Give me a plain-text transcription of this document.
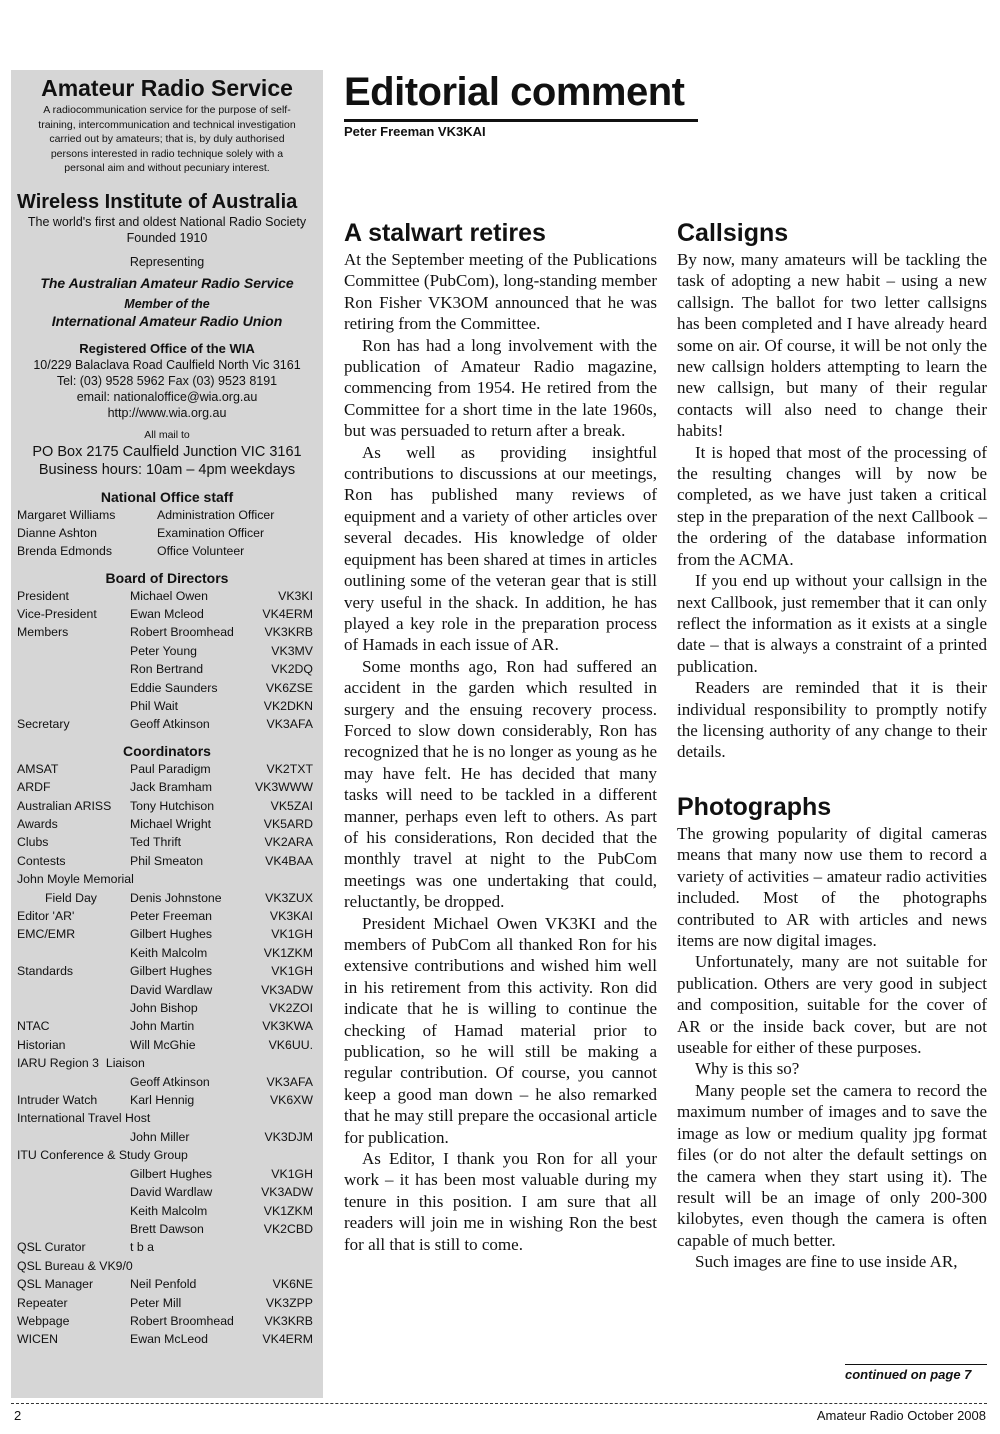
Amateur Radio Service
A radiocommunication service for the purpose of self-training, intercommunication and technical investigation carried out by amateurs; that is, by duly authorised persons interested in radio technique solely with a personal aim and without pecuniary interest.
Wireless Institute of Australia
The world's first and oldest National Radio Society
Founded 1910
Representing
The Australian Amateur Radio Service
Member of the
International Amateur Radio Union
Registered Office of the WIA
10/229 Balaclava Road Caulfield North Vic 3161
Tel: (03) 9528 5962 Fax (03) 9523 8191
email: nationaloffice@wia.org.au
http://www.wia.org.au
All mail to
PO Box 2175 Caulfield Junction VIC 3161
Business hours: 10am – 4pm weekdays
National Office staff
Margaret Williams	Administration Officer
Dianne Ashton	Examination Officer
Brenda Edmonds	Office Volunteer
Board of Directors
President	Michael Owen	VK3KI
Vice-President	Ewan Mcleod	VK4ERM
Members	Robert Broomhead	VK3KRB
Peter Young	VK3MV
Ron Bertrand	VK2DQ
Eddie Saunders	VK6ZSE
Phil Wait	VK2DKN
Secretary	Geoff Atkinson	VK3AFA
Coordinators
AMSAT	Paul Paradigm	VK2TXT
ARDF	Jack Bramham	VK3WWW
Australian ARISS	Tony Hutchison	VK5ZAI
Awards	Michael Wright	VK5ARD
Clubs	Ted Thrift	VK2ARA
Contests	Phil Smeaton	VK4BAA
John Moyle Memorial
Field Day	Denis Johnstone	VK3ZUX
Editor 'AR'	Peter Freeman	VK3KAI
EMC/EMR	Gilbert Hughes	VK1GH
Keith Malcolm	VK1ZKM
Standards	Gilbert Hughes	VK1GH
David Wardlaw	VK3ADW
John Bishop	VK2ZOI
NTAC	John Martin	VK3KWA
Historian	Will McGhie	VK6UU.
IARU Region 3  Liaison
Geoff Atkinson	VK3AFA
Intruder Watch	Karl Hennig	VK6XW
International Travel Host
John Miller	VK3DJM
ITU Conference & Study Group
Gilbert Hughes	VK1GH
David Wardlaw	VK3ADW
Keith Malcolm	VK1ZKM
Brett Dawson	VK2CBD
QSL Curator	t b a
QSL Bureau & VK9/0
QSL Manager	Neil Penfold	VK6NE
Repeater	Peter Mill	VK3ZPP
Webpage	Robert Broomhead	VK3KRB
WICEN	Ewan McLeod	VK4ERM
Editorial comment
Peter Freeman VK3KAI
A stalwart retires

At the September meeting of the Publications Committee (PubCom), long-standing member Ron Fisher VK3OM announced that he was retiring from the Committee.

Ron has had a long involvement with the publication of Amateur Radio magazine, commencing from 1954. He retired from the Committee for a short time in the late 1960s, but was persuaded to return after a break.

As well as providing insightful contributions to discussions at our meetings, Ron has published many reviews of equipment and a variety of other articles over several decades. His knowledge of older equipment has been shared at times in articles outlining some of the veteran gear that is still very useful in the shack. In addition, he has played a key role in the preparation process of Hamads in each issue of AR.

Some months ago, Ron had suffered an accident in the garden which resulted in surgery and the ensuing recovery process. Forced to slow down considerably, Ron has recognized that he is no longer as young as he may have felt. He has decided that many tasks will need to be tackled in a different manner, perhaps even left to others. As part of his considerations, Ron decided that the monthly travel at night to the PubCom meetings was one undertaking that could, reluctantly, be dropped.

President Michael Owen VK3KI and the members of PubCom all thanked Ron for his extensive contributions and wished him well in his retirement from this activity. Ron did indicate that he is willing to continue the checking of Hamad material prior to publication, so he will still be making a regular contribution. Of course, you cannot keep a good man down – he also remarked that he may still prepare the occasional article for publication.

As Editor, I thank you Ron for all your work – it has been most valuable during my tenure in this position. I am sure that all readers will join me in wishing Ron the best for all that is still to come.

Callsigns

By now, many amateurs will be tackling the task of adopting a new habit – using a new callsign. The ballot for two letter callsigns has been completed and I have already heard some on air. Of course, it will be not only the new callsign holders attempting to learn the new callsign, but many of their regular contacts will also need to change their habits!

It is hoped that most of the processing of the resulting changes will by now be completed, as we have just taken a critical step in the preparation of the next Callbook – the ordering of the database information from the ACMA.

If you end up without your callsign in the next Callbook, just remember that it can only reflect the information as it exists at a single date – that is always a constraint of a printed publication.

Readers are reminded that it is their individual responsibility to promptly notify the licensing authority of any change to their details.

Photographs

The growing popularity of digital cameras means that many now use them to record a variety of activities – amateur radio activities included. Most of the photographs contributed to AR with articles and news items are now digital images.

Unfortunately, many are not suitable for publication. Others are very good in subject and composition, suitable for the cover of AR or the inside back cover, but are not useable for either of these purposes.

Why is this so?

Many people set the camera to record the maximum number of images and to save the image as low or medium quality jpg format files (or do not alter the default settings on the camera when they start using it). The result will be an image of only 200-300 kilobytes, even though the camera is often capable of much better.

Such images are fine to use inside AR,

continued on page 7
2	Amateur Radio October 2008
